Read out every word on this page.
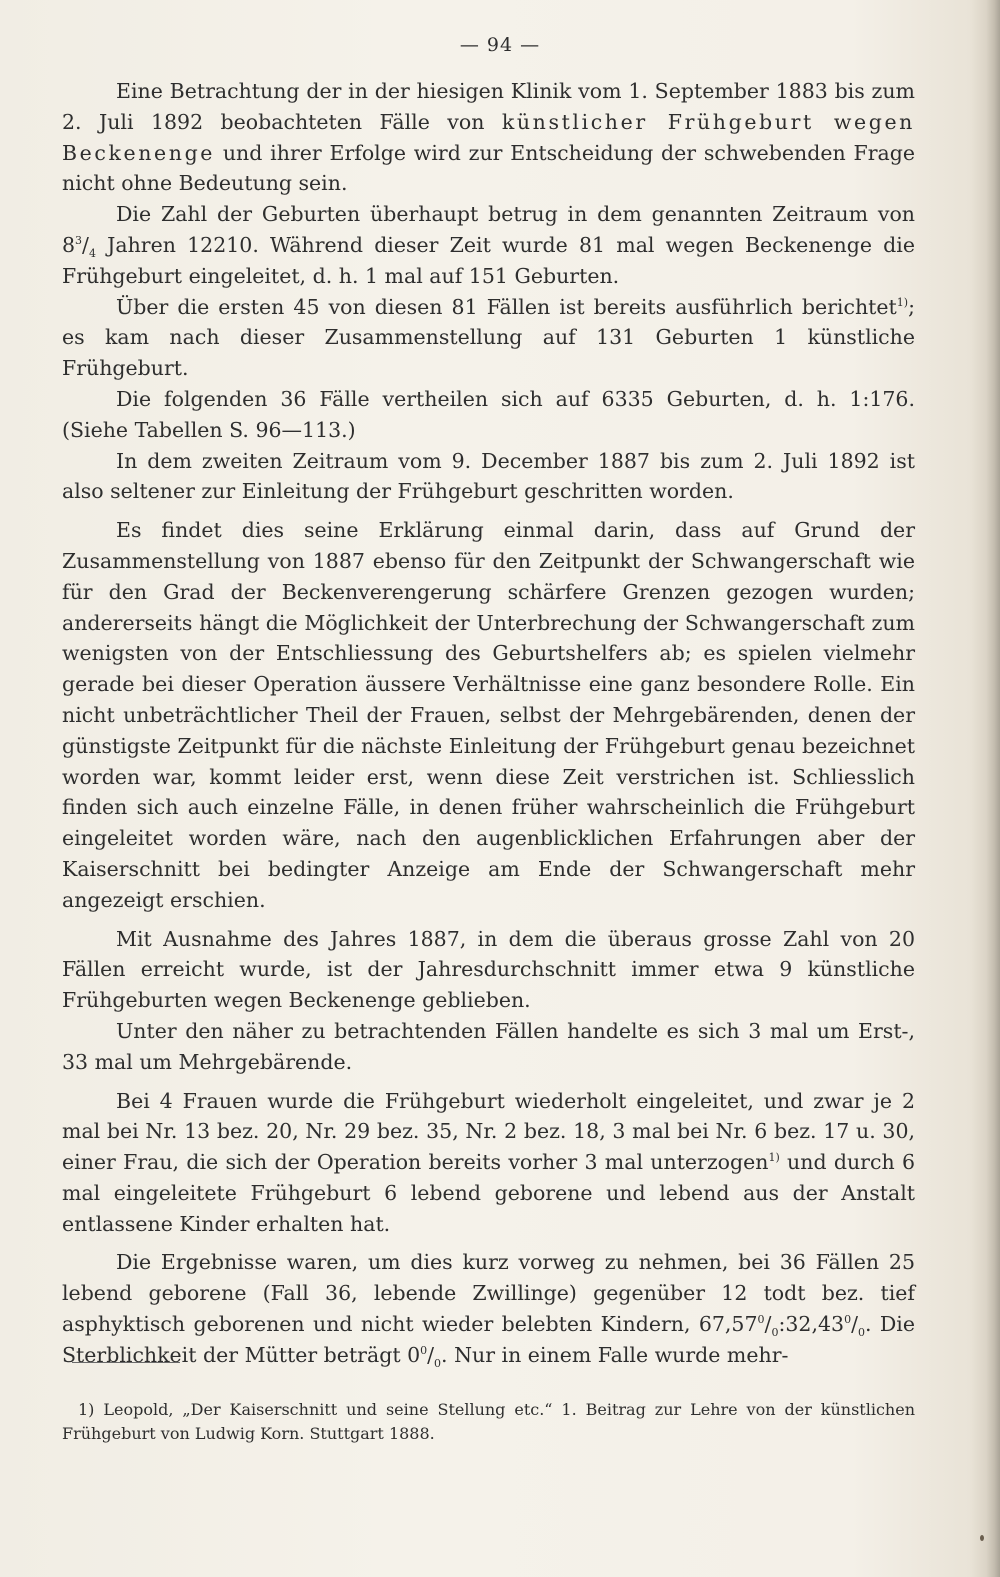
— 94 —

Eine Betrachtung der in der hiesigen Klinik vom 1. September 1883 bis zum 2. Juli 1892 beobachteten Fälle von künstlicher Frühgeburt wegen Beckenenge und ihrer Erfolge wird zur Entscheidung der schwebenden Frage nicht ohne Bedeutung sein.

Die Zahl der Geburten überhaupt betrug in dem genannten Zeitraum von $8^3/_4$ Jahren 12210. Während dieser Zeit wurde 81 mal wegen Beckenenge die Frühgeburt eingeleitet, d. h. 1 mal auf 151 Geburten.

Über die ersten 45 von diesen 81 Fällen ist bereits ausführlich berichtet$^{1)}$; es kam nach dieser Zusammenstellung auf 131 Geburten 1 künstliche Frühgeburt.

Die folgenden 36 Fälle vertheilen sich auf 6335 Geburten, d. h. 1:176. (Siehe Tabellen S. 96—113.)

In dem zweiten Zeitraum vom 9. December 1887 bis zum 2. Juli 1892 ist also seltener zur Einleitung der Frühgeburt geschritten worden.

Es findet dies seine Erklärung einmal darin, dass auf Grund der Zusammenstellung von 1887 ebenso für den Zeitpunkt der Schwangerschaft wie für den Grad der Beckenverengerung schärfere Grenzen gezogen wurden; andererseits hängt die Möglichkeit der Unterbrechung der Schwangerschaft zum wenigsten von der Entschliessung des Geburtshelfers ab; es spielen vielmehr gerade bei dieser Operation äussere Verhältnisse eine ganz besondere Rolle. Ein nicht unbeträchtlicher Theil der Frauen, selbst der Mehrgebärenden, denen der günstigste Zeitpunkt für die nächste Einleitung der Frühgeburt genau bezeichnet worden war, kommt leider erst, wenn diese Zeit verstrichen ist. Schliesslich finden sich auch einzelne Fälle, in denen früher wahrscheinlich die Frühgeburt eingeleitet worden wäre, nach den augenblicklichen Erfahrungen aber der Kaiserschnitt bei bedingter Anzeige am Ende der Schwangerschaft mehr angezeigt erschien.

Mit Ausnahme des Jahres 1887, in dem die überaus grosse Zahl von 20 Fällen erreicht wurde, ist der Jahresdurchschnitt immer etwa 9 künstliche Frühgeburten wegen Beckenenge geblieben.

Unter den näher zu betrachtenden Fällen handelte es sich 3 mal um Erst-, 33 mal um Mehrgebärende.

Bei 4 Frauen wurde die Frühgeburt wiederholt eingeleitet, und zwar je 2 mal bei Nr. 13 bez. 20, Nr. 29 bez. 35, Nr. 2 bez. 18, 3 mal bei Nr. 6 bez. 17 u. 30, einer Frau, die sich der Operation bereits vorher 3 mal unterzogen$^{1)}$ und durch 6 mal eingeleitete Frühgeburt 6 lebend geborene und lebend aus der Anstalt entlassene Kinder erhalten hat.

Die Ergebnisse waren, um dies kurz vorweg zu nehmen, bei 36 Fällen 25 lebend geborene (Fall 36, lebende Zwillinge) gegenüber 12 todt bez. tief asphyktisch geborenen und nicht wieder belebten Kindern, $67,57^0/_0:32,43^0/_0$. Die Sterblichkeit der Mütter beträgt $0^0/_0$. Nur in einem Falle wurde mehr-

1) Leopold, „Der Kaiserschnitt und seine Stellung etc.“ 1. Beitrag zur Lehre von der künstlichen Frühgeburt von Ludwig Korn. Stuttgart 1888.
